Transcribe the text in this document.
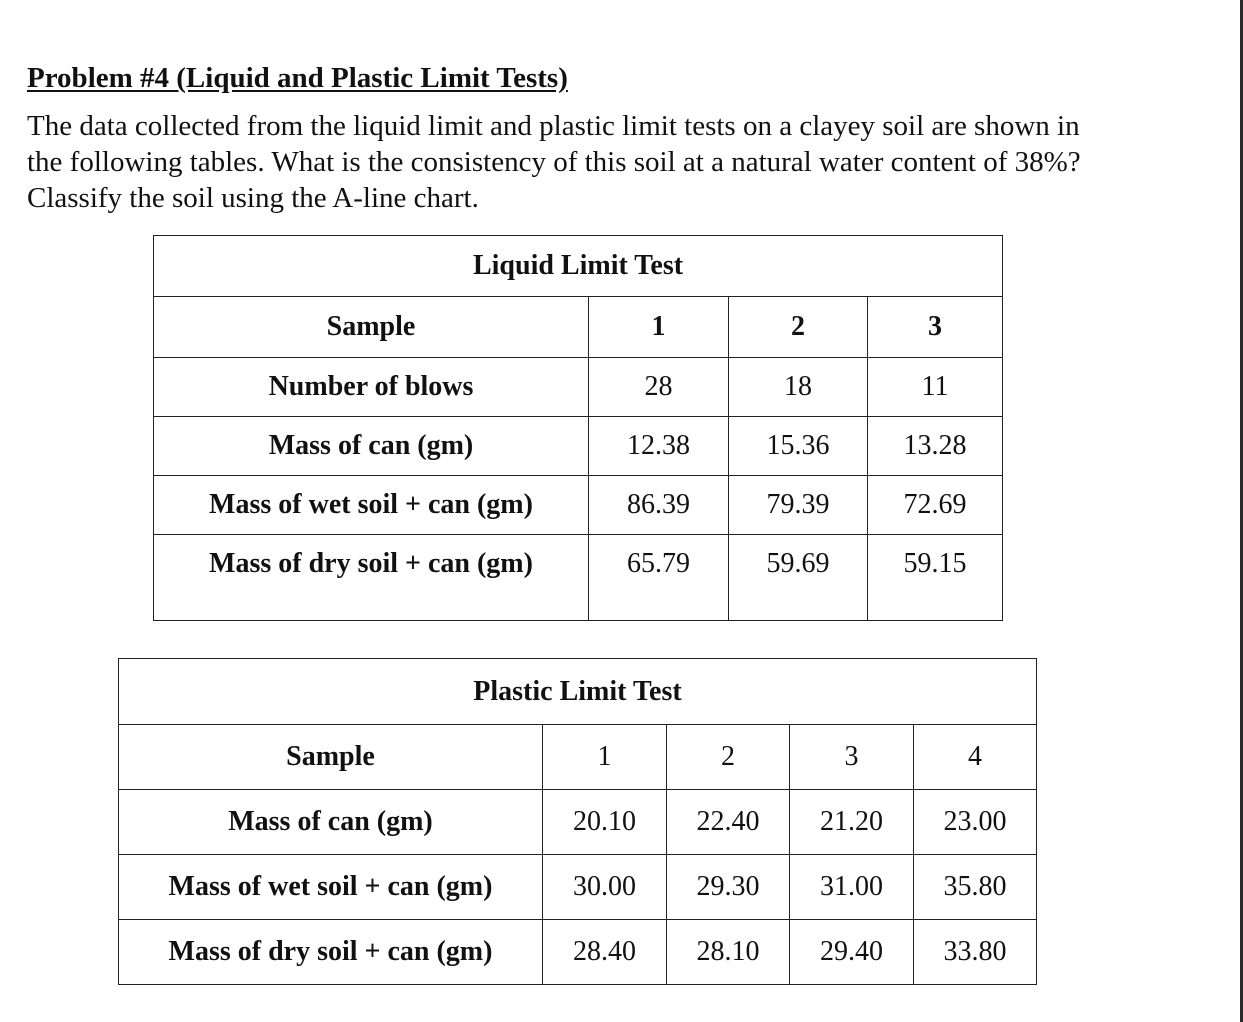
Problem #4 (Liquid and Plastic Limit Tests)
The data collected from the liquid limit and plastic limit tests on a clayey soil are shown in
the following tables. What is the consistency of this soil at a natural water content of 38%?
Classify the soil using the A-line chart.
Liquid Limit Test			
Sample	1	2	3
Number of blows	28	18	11
Mass of can (gm)	12.38	15.36	13.28
Mass of wet soil + can (gm)	86.39	79.39	72.69
Mass of dry soil + can (gm)	65.79	59.69	59.15
Plastic Limit Test				
Sample	1	2	3	4
Mass of can (gm)	20.10	22.40	21.20	23.00
Mass of wet soil + can (gm)	30.00	29.30	31.00	35.80
Mass of dry soil + can (gm)	28.40	28.10	29.40	33.80
